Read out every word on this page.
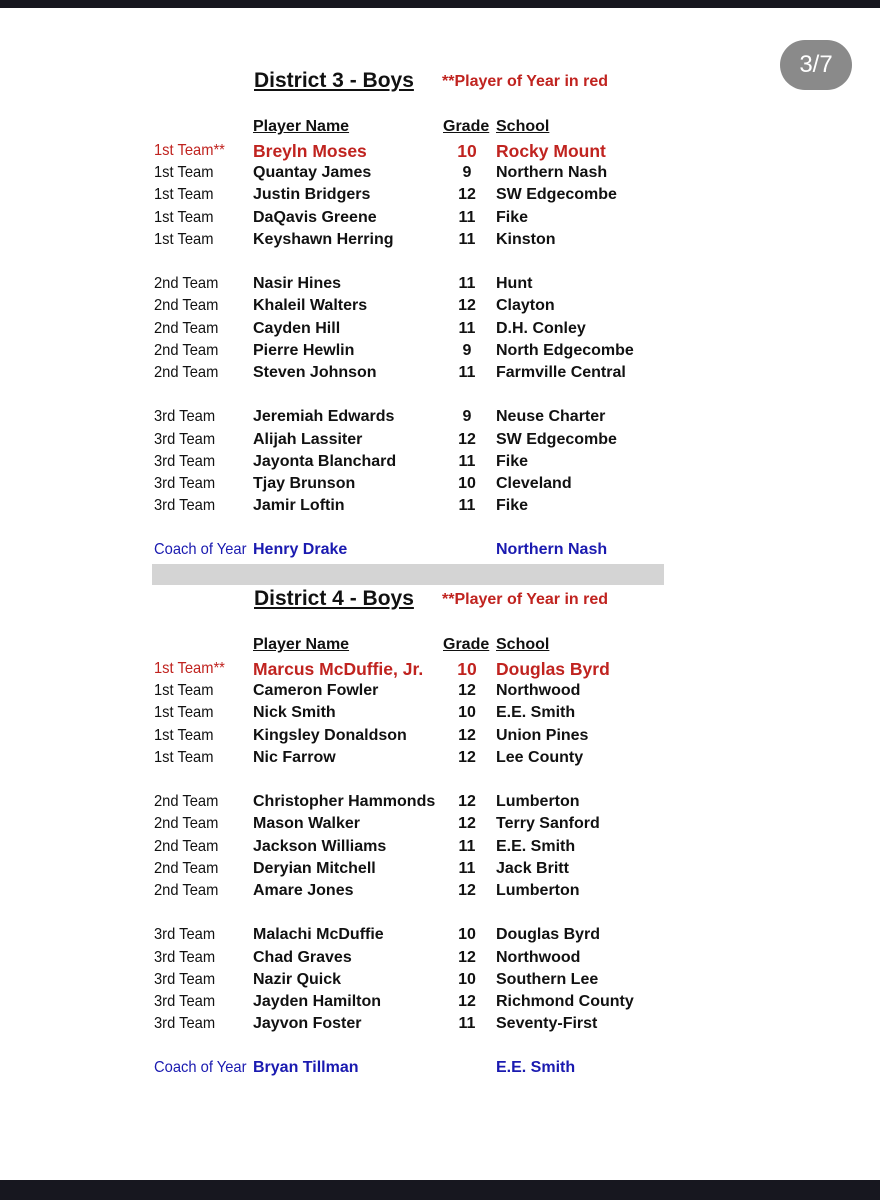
3/7
District 3 - Boys **Player of Year in red
Player Name	Grade School
1st Team** Breyln Moses	10	Rocky Mount
1st Team Quantay James	9	Northern Nash
1st Team Justin Bridgers	12	SW Edgecombe
1st Team DaQavis Greene	11	Fike
1st Team Keyshawn Herring	11	Kinston
2nd Team Nasir Hines	11	Hunt
2nd Team Khaleil Walters	12	Clayton
2nd Team Cayden Hill	11	D.H. Conley
2nd Team Pierre Hewlin	9	North Edgecombe
2nd Team Steven Johnson	11	Farmville Central
3rd Team Jeremiah Edwards	9	Neuse Charter
3rd Team Alijah Lassiter	12	SW Edgecombe
3rd Team Jayonta Blanchard	11	Fike
3rd Team Tjay Brunson	10	Cleveland
3rd Team Jamir Loftin	11	Fike
Coach of Year Henry Drake	Northern Nash
District 4 - Boys **Player of Year in red
Player Name	Grade School
1st Team** Marcus McDuffie, Jr.	10	Douglas Byrd
1st Team Cameron Fowler	12	Northwood
1st Team Nick Smith	10	E.E. Smith
1st Team Kingsley Donaldson	12	Union Pines
1st Team Nic Farrow	12	Lee County
2nd Team Christopher Hammonds	12	Lumberton
2nd Team Mason Walker	12	Terry Sanford
2nd Team Jackson Williams	11	E.E. Smith
2nd Team Deryian Mitchell	11	Jack Britt
2nd Team Amare Jones	12	Lumberton
3rd Team Malachi McDuffie	10	Douglas Byrd
3rd Team Chad Graves	12	Northwood
3rd Team Nazir Quick	10	Southern Lee
3rd Team Jayden Hamilton	12	Richmond County
3rd Team Jayvon Foster	11	Seventy-First
Coach of Year Bryan Tillman	E.E. Smith
